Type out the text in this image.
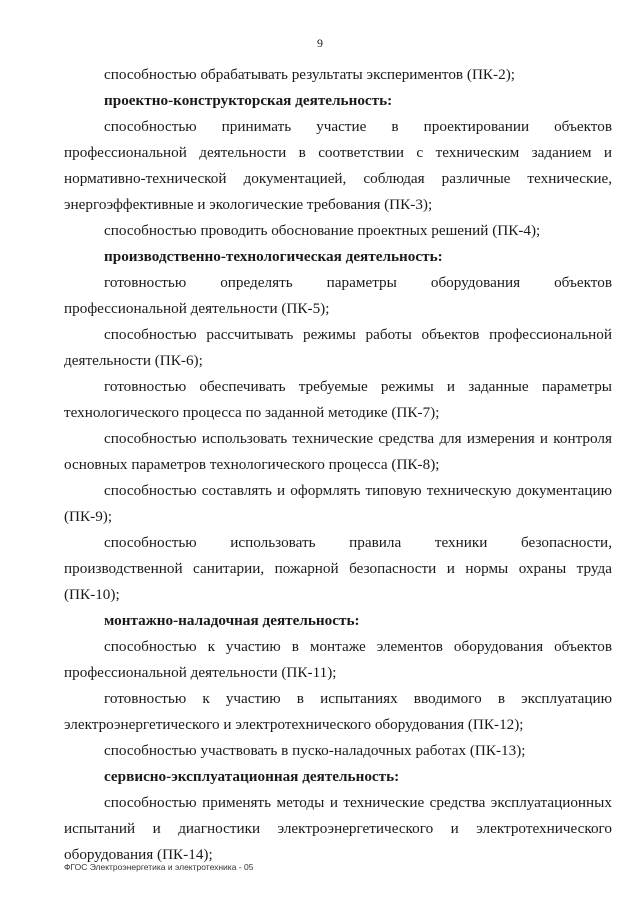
9

способностью обрабатывать результаты экспериментов (ПК-2);

проектно-конструкторская деятельность:

способностью принимать участие в проектировании объектов профессиональной деятельности в соответствии с техническим заданием и нормативно-технической документацией, соблюдая различные технические, энергоэффективные и экологические требования (ПК-3);

способностью проводить обоснование проектных решений (ПК-4);

производственно-технологическая деятельность:

готовностью определять параметры оборудования объектов профессиональной деятельности (ПК-5);

способностью рассчитывать режимы работы объектов профессиональной деятельности (ПК-6);

готовностью обеспечивать требуемые режимы и заданные параметры технологического процесса по заданной методике (ПК-7);

способностью использовать технические средства для измерения и контроля основных параметров технологического процесса (ПК-8);

способностью составлять и оформлять типовую техническую документацию (ПК-9);

способностью использовать правила техники безопасности, производственной санитарии, пожарной безопасности и нормы охраны труда (ПК-10);

монтажно-наладочная деятельность:

способностью к участию в монтаже элементов оборудования объектов профессиональной деятельности (ПК-11);

готовностью к участию в испытаниях вводимого в эксплуатацию электроэнергетического и электротехнического оборудования (ПК-12);

способностью участвовать в пуско-наладочных работах (ПК-13);

сервисно-эксплуатационная деятельность:

способностью применять методы и технические средства эксплуатационных испытаний и диагностики электроэнергетического и электротехнического оборудования (ПК-14);

ФГОС Электроэнергетика и электротехника - 05
